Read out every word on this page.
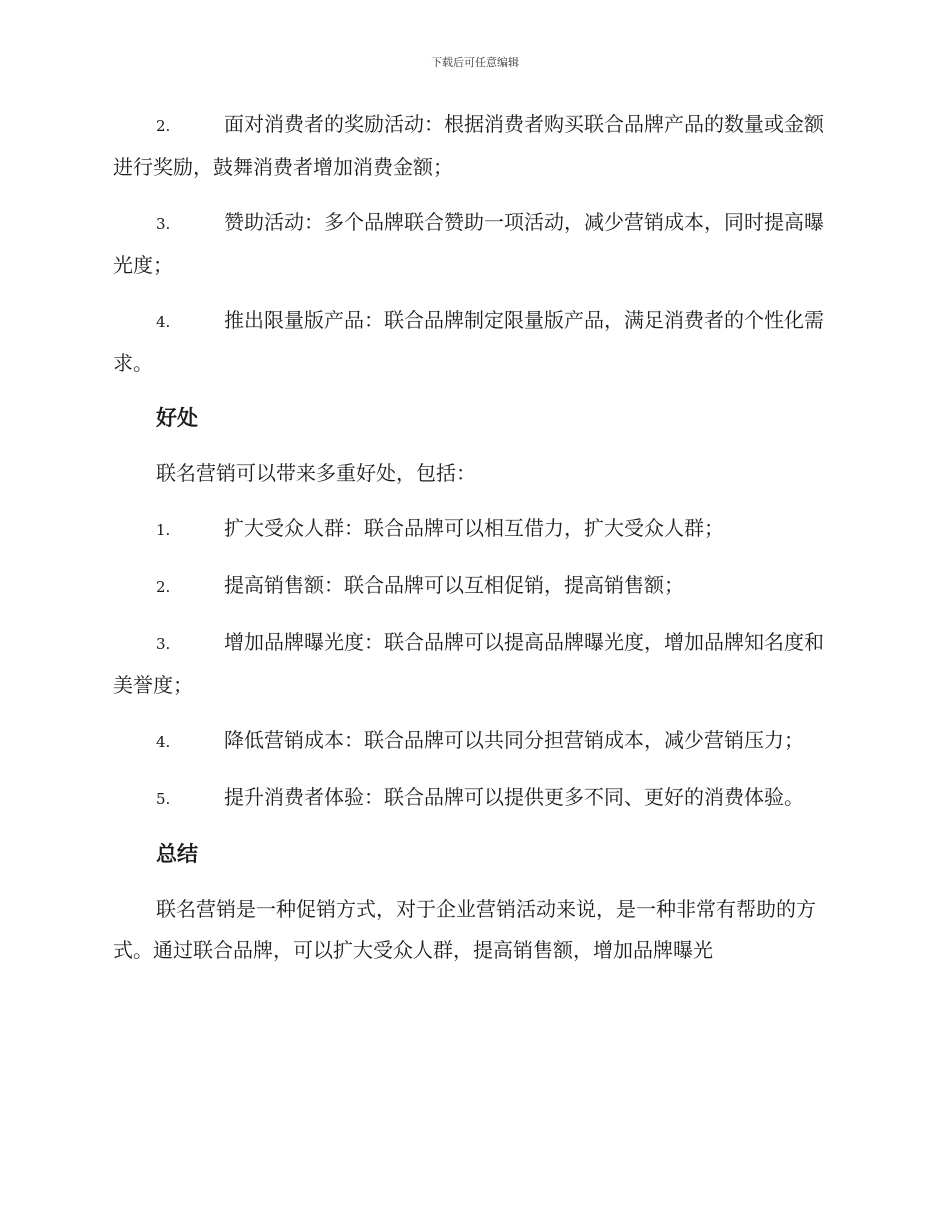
下载后可任意编辑
2.	面对消费者的奖励活动：根据消费者购买联合品牌产品的数量或金额进行奖励，鼓舞消费者增加消费金额；
3.	赞助活动：多个品牌联合赞助一项活动，减少营销成本，同时提高曝光度；
4.	推出限量版产品：联合品牌制定限量版产品，满足消费者的个性化需求。
好处
联名营销可以带来多重好处，包括：
1.	扩大受众人群：联合品牌可以相互借力，扩大受众人群；
2.	提高销售额：联合品牌可以互相促销，提高销售额；
3.	增加品牌曝光度：联合品牌可以提高品牌曝光度，增加品牌知名度和美誉度；
4.	降低营销成本：联合品牌可以共同分担营销成本，减少营销压力；
5.	提升消费者体验：联合品牌可以提供更多不同、更好的消费体验。
总结
联名营销是一种促销方式，对于企业营销活动来说，是一种非常有帮助的方式。通过联合品牌，可以扩大受众人群，提高销售额，增加品牌曝光
